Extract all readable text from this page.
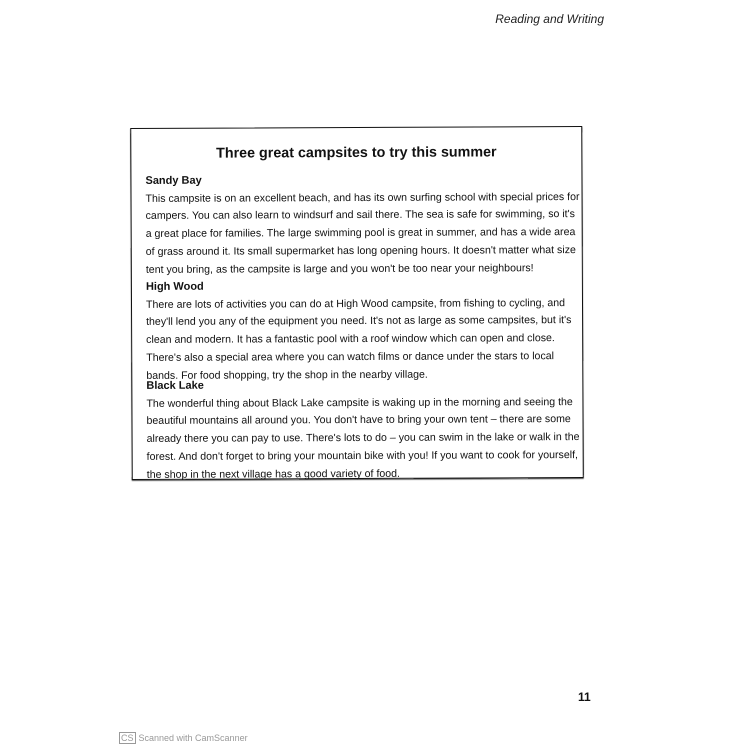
Reading and Writing
Three great campsites to try this summer
Sandy Bay
This campsite is on an excellent beach, and has its own surfing school with special prices for
campers. You can also learn to windsurf and sail there. The sea is safe for swimming, so it's
a great place for families. The large swimming pool is great in summer, and has a wide area
of grass around it. Its small supermarket has long opening hours. It doesn't matter what size
tent you bring, as the campsite is large and you won't be too near your neighbours!
High Wood
There are lots of activities you can do at High Wood campsite, from fishing to cycling, and
they'll lend you any of the equipment you need. It's not as large as some campsites, but it's
clean and modern. It has a fantastic pool with a roof window which can open and close.
There's also a special area where you can watch films or dance under the stars to local
bands. For food shopping, try the shop in the nearby village.
Black Lake
The wonderful thing about Black Lake campsite is waking up in the morning and seeing the
beautiful mountains all around you. You don't have to bring your own tent – there are some
already there you can pay to use. There's lots to do – you can swim in the lake or walk in the
forest. And don't forget to bring your mountain bike with you! If you want to cook for yourself,
the shop in the next village has a good variety of food.
11
CS Scanned with CamScanner
